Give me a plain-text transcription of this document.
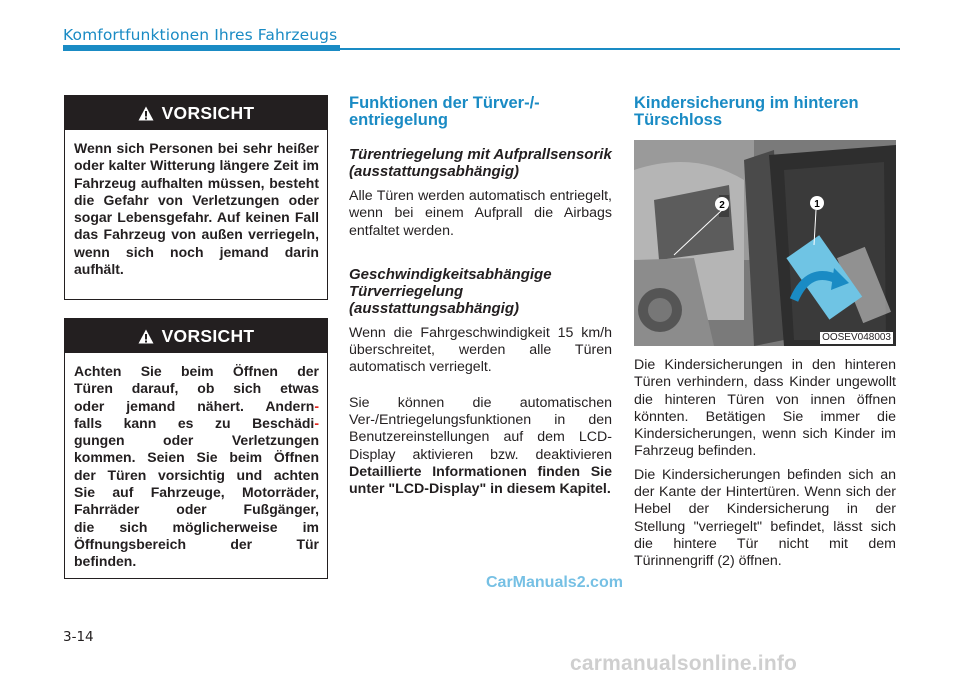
Komfortfunktionen Ihres Fahrzeugs
VORSICHT
Wenn sich Personen bei sehr heißer oder kalter Witterung längere Zeit im Fahrzeug aufhalten müssen, besteht die Gefahr von Verletzungen oder sogar Lebensgefahr. Auf keinen Fall das Fahrzeug von außen verriegeln, wenn sich noch jemand darin aufhält.
VORSICHT
Achten Sie beim Öffnen der
Türen darauf, ob sich etwas
oder jemand nähert. Andern-
falls kann es zu Beschädi-
gungen oder Verletzungen
kommen. Seien Sie beim Öffnen
der Türen vorsichtig und achten
Sie auf Fahrzeuge, Motorräder,
Fahrräder oder Fußgänger,
die sich möglicherweise im
Öffnungsbereich der Tür
befinden.
Funktionen der Türver-/-entriegelung
Türentriegelung mit Aufprallsensorik (ausstattungsabhängig)

Alle Türen werden automatisch entriegelt, wenn bei einem Aufprall die Airbags entfaltet werden.

Geschwindigkeitsabhängige Türverriegelung (ausstattungsabhängig)

Wenn die Fahrgeschwindigkeit 15 km/h überschreitet, werden alle Türen automatisch verriegelt.

Sie können die automatischen Ver-/Entriegelungsfunktionen in den Benutzereinstellungen auf dem LCD-Display aktivieren bzw. deaktivieren Detaillierte Informationen finden Sie unter "LCD-Display" in diesem Kapitel.

Kindersicherung im hinteren Türschloss
2	1
OOSEV048003

Die Kindersicherungen in den hinteren Türen verhindern, dass Kinder ungewollt die hinteren Türen von innen öffnen könnten. Betätigen Sie immer die Kindersicherungen, wenn sich Kinder im Fahrzeug befinden.

Die Kindersicherungen befinden sich an der Kante der Hintertüren. Wenn sich der Hebel der Kindersicherung in der Stellung "verriegelt" befindet, lässt sich die hintere Tür nicht mit dem Türinnengriff (2) öffnen.

CarManuals2.com
3-14
carmanualsonline.info
